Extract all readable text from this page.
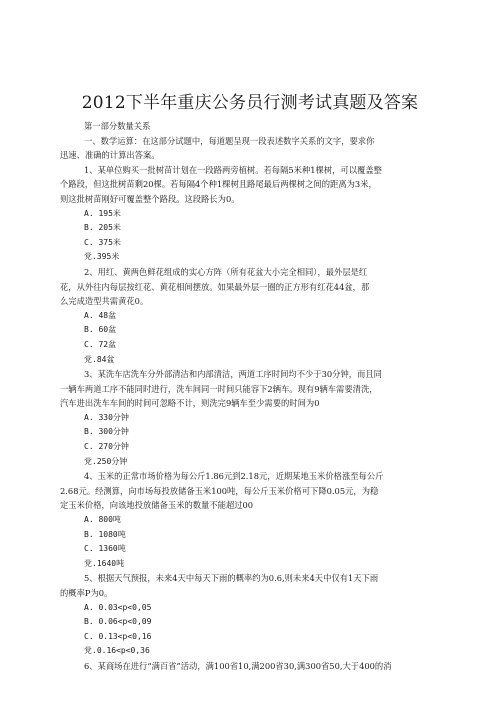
2012下半年重庆公务员行测考试真题及答案
第一部分数量关系
一、数学运算：在这部分试题中，每道题呈现一段表述数字关系的文字，要求你
迅速、准确的计算出答案。
1、某单位购买一批树苗计划在一段路两旁植树。若每隔5米种1棵树，可以覆盖整
个路段，但这批树苗剩20棵。若每隔4个种1棵树且路尾最后两棵树之间的距离为3米，
则这批树苗刚好可覆盖整个路段。这段路长为0。
A. 195米
B. 205米
C. 375米
党.395米
2、用红、黄两色鲜花组成的实心方阵（所有花盆大小完全相同），最外层是红
花，从外往内每层按红花、黄花相间摆放。如果最外层一圈的正方形有红花44盆，那
么完成造型共需黄花0。
A. 48盆
B. 60盆
C. 72盆
党.84盆
3、某洗车店洗车分外部清洁和内部清洁，两道工序时间均不少于30分钟，而且同
一辆车两道工序不能同时进行，洗车间同一时间只能容下2辆车。现有9辆车需要清洗，
汽车进出洗车车间的时间可忽略不计，则洗完9辆车至少需要的时间为0
A. 330分钟
B. 300分钟
C. 270分钟
党.250分钟
4、玉米的正常市场价格为每公斤1.86元到2.18元，近期某地玉米价格涨至每公斤
2.68元。经测算，向市场每投放储备玉米100吨，每公斤玉米价格可下降0.05元，为稳
定玉米价格，向该地投放储备玉米的数量不能超过00
A. 800吨
B. 1080吨
C. 1360吨
党.1640吨
5、根据天气预报，未来4天中每天下雨的概率约为0.6,则未来4天中仅有1天下雨
的概率P为0。
A. 0.03<p<0,05
B. 0.06<p<0,09
C. 0.13<p<0,16
党.0.16<p<0,36
6、某商场在进行“满百省”活动，满100省10,满200省30,满300省50,大于400的消
